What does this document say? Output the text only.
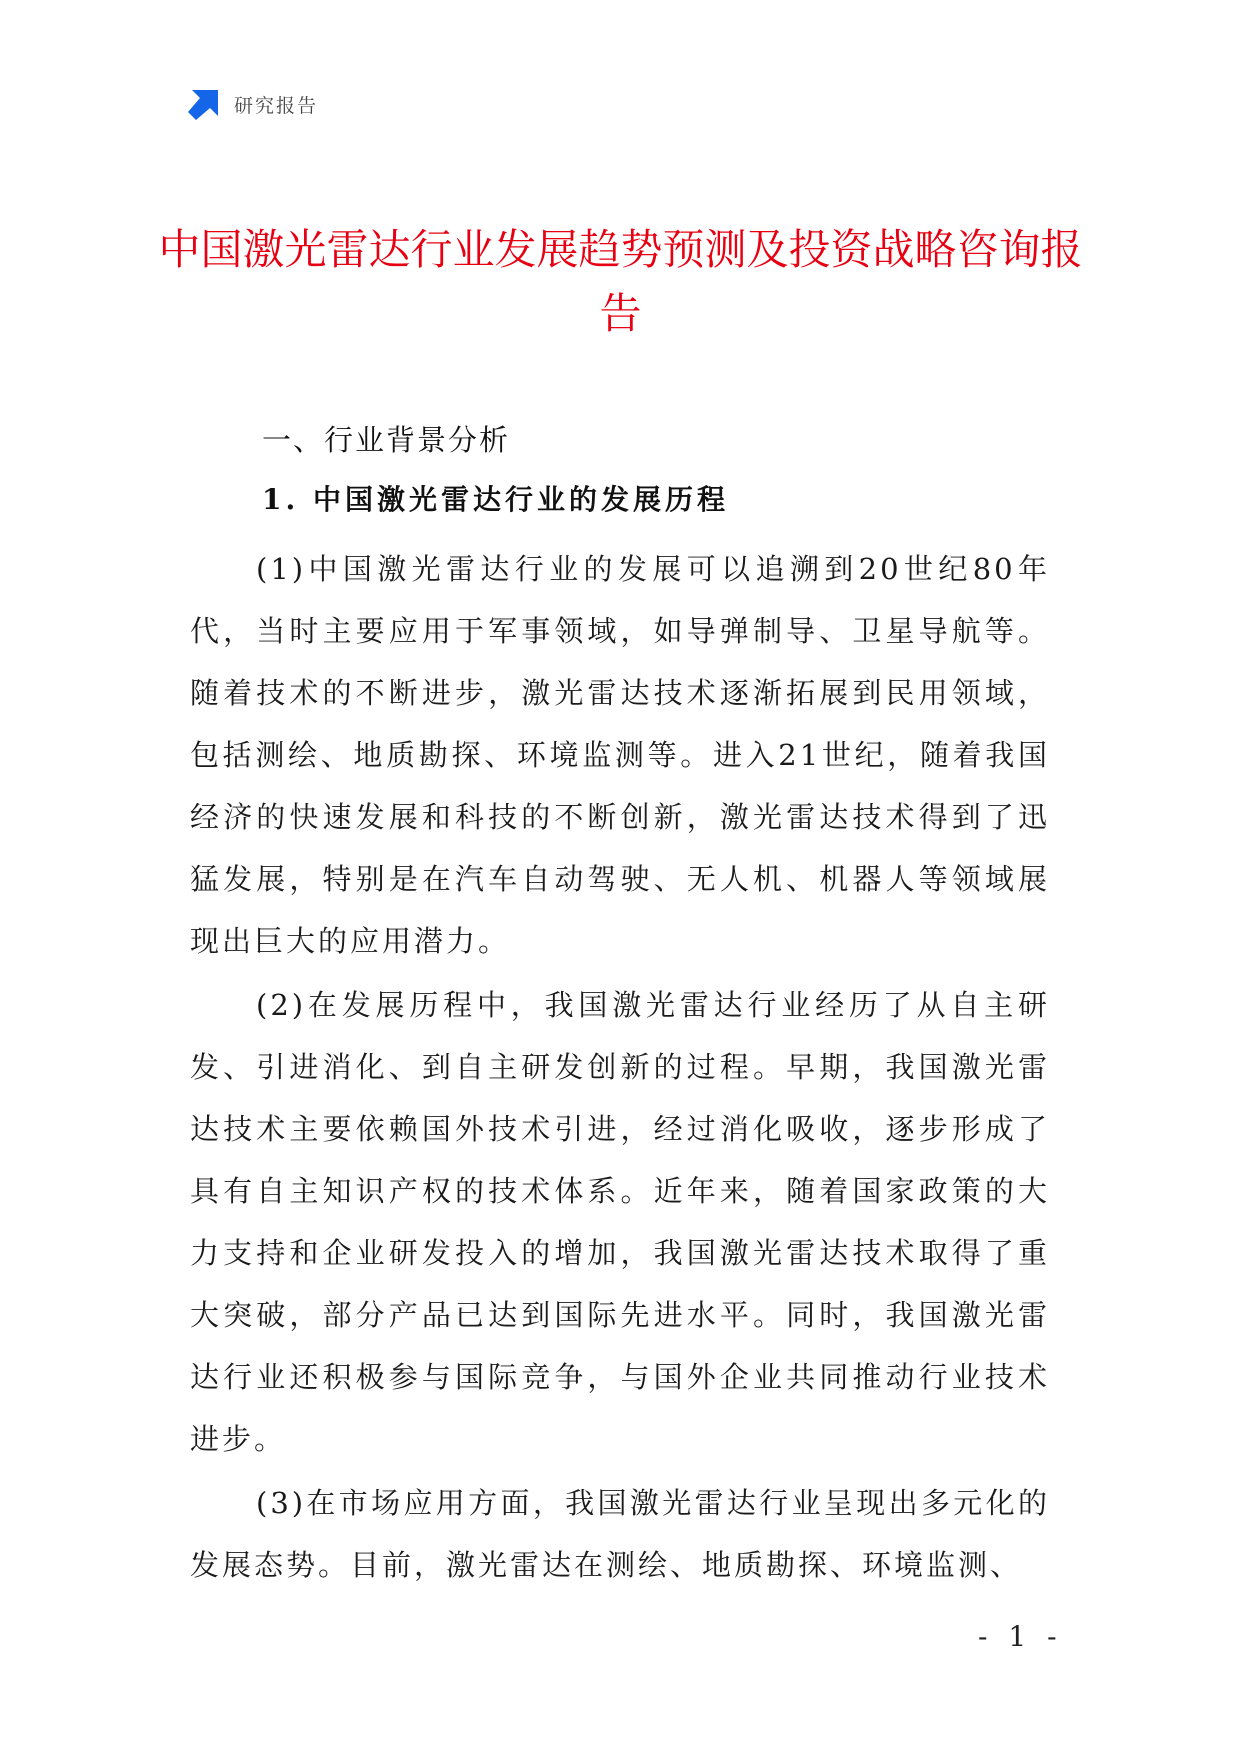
研究报告
中国激光雷达行业发展趋势预测及投资战略咨询报告
一、行业背景分析
1. 中国激光雷达行业的发展历程

(1)中国激光雷达行业的发展可以追溯到20世纪80年代，当时主要应用于军事领域，如导弹制导、卫星导航等。随着技术的不断进步，激光雷达技术逐渐拓展到民用领域，包括测绘、地质勘探、环境监测等。进入21世纪，随着我国经济的快速发展和科技的不断创新，激光雷达技术得到了迅猛发展，特别是在汽车自动驾驶、无人机、机器人等领域展现出巨大的应用潜力。

(2)在发展历程中，我国激光雷达行业经历了从自主研发、引进消化、到自主研发创新的过程。早期，我国激光雷达技术主要依赖国外技术引进，经过消化吸收，逐步形成了具有自主知识产权的技术体系。近年来，随着国家政策的大力支持和企业研发投入的增加，我国激光雷达技术取得了重大突破，部分产品已达到国际先进水平。同时，我国激光雷达行业还积极参与国际竞争，与国外企业共同推动行业技术进步。

(3)在市场应用方面，我国激光雷达行业呈现出多元化的发展态势。目前，激光雷达在测绘、地质勘探、环境监测、

- 1 -
